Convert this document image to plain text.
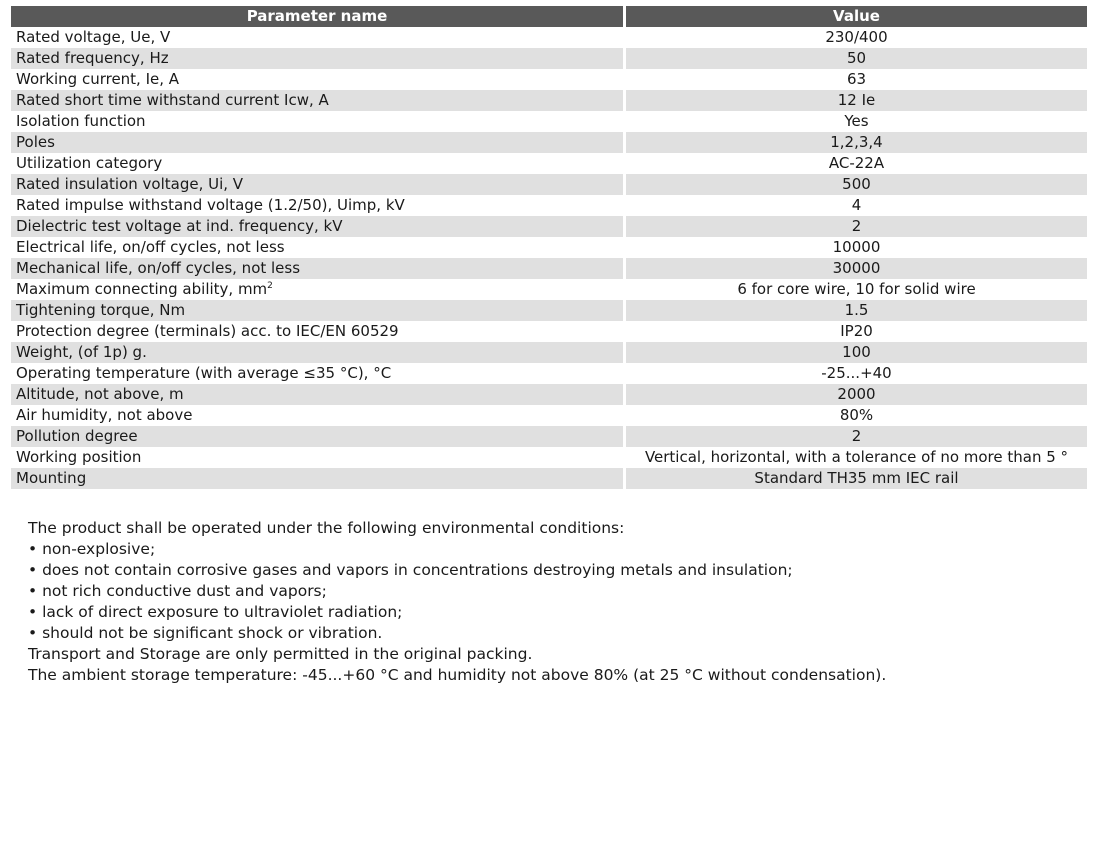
Parameter name	Value
Rated voltage, Ue, V	230/400
Rated frequency, Hz	50
Working current, Ie, A	63
Rated short time withstand current Icw, A	12 Ie
Isolation function	Yes
Poles	1,2,3,4
Utilization category	AC-22A
Rated insulation voltage, Ui, V	500
Rated impulse withstand voltage (1.2/50), Uimp, kV	4
Dielectric test voltage at ind. frequency, kV	2
Electrical life, on/off cycles, not less	10000
Mechanical life, on/off cycles, not less	30000
Maximum connecting ability, $mm^2$	6 for core wire, 10 for solid wire
Tightening torque, Nm	1.5
Protection degree (terminals) acc. to IEC/EN 60529	IP20
Weight, (of 1p) g.	100
Operating temperature (with average ≤35 °C), °C	-25...+40
Altitude, not above, m	2000
Air humidity, not above	80%
Pollution degree	2
Working position	Vertical, horizontal, with a tolerance of no more than 5 °
Mounting	Standard TH35 mm IEC rail

The product shall be operated under the following environmental conditions:

• non-explosive;

• does not contain corrosive gases and vapors in concentrations destroying metals and insulation;

• not rich conductive dust and vapors;

• lack of direct exposure to ultraviolet radiation;

• should not be significant shock or vibration.

Transport and Storage are only permitted in the original packing.

The ambient storage temperature: -45...+60 °C and humidity not above 80% (at 25 °C without condensation).
